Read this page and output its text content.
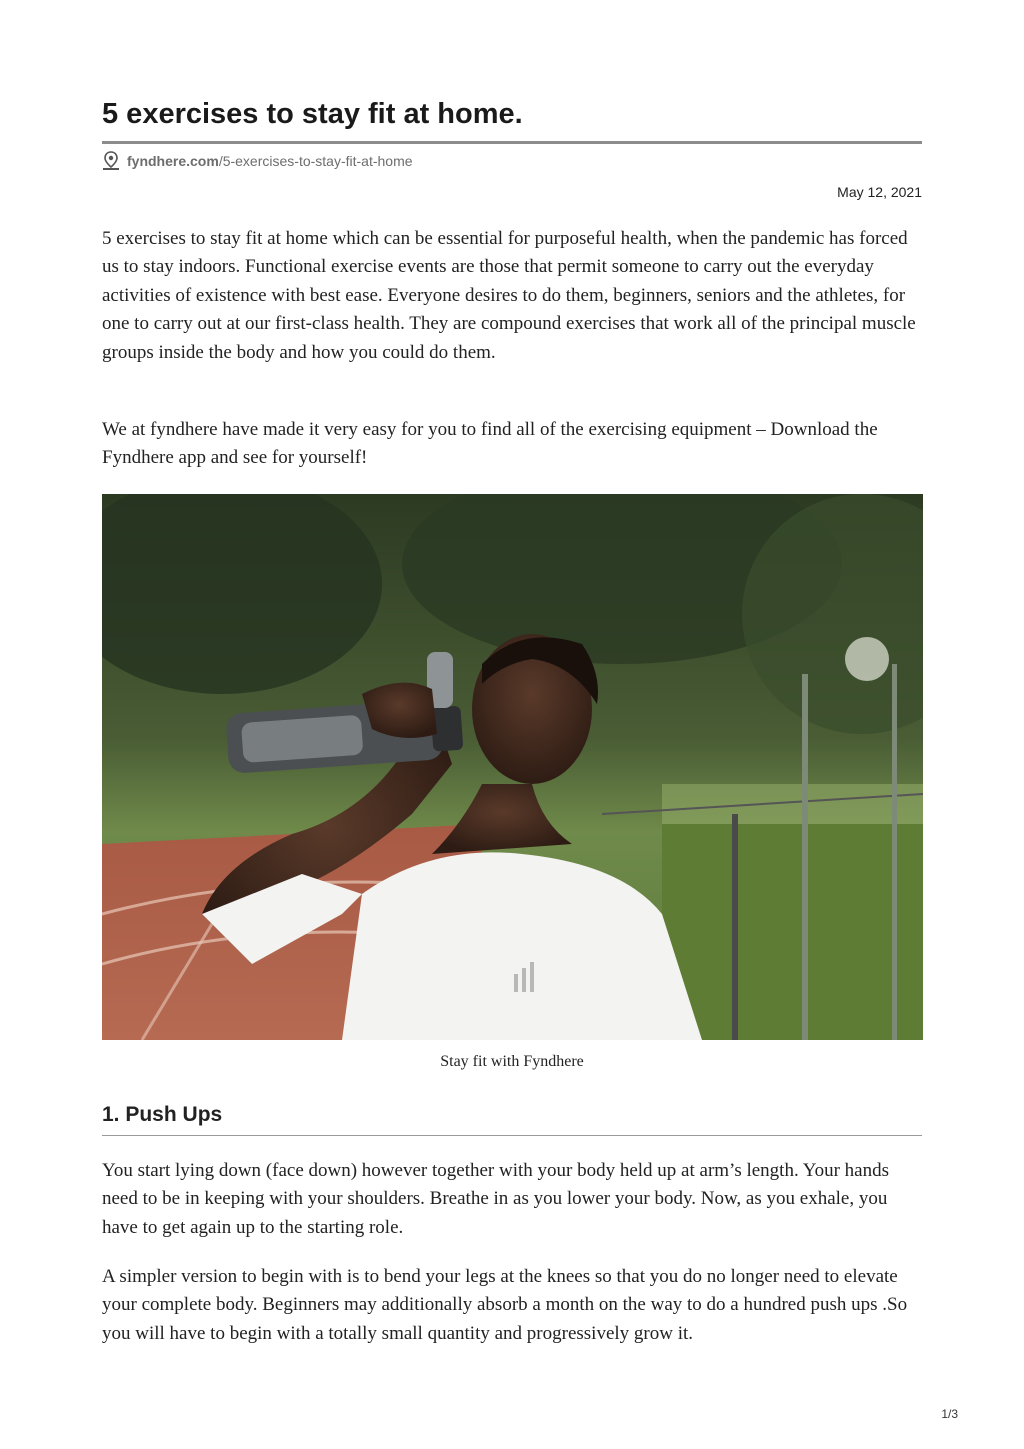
5 exercises to stay fit at home.
fyndhere.com /5-exercises-to-stay-fit-at-home
May 12, 2021

5 exercises to stay fit at home which can be essential for purposeful health, when the pandemic has forced us to stay indoors. Functional exercise events are those that permit someone to carry out the everyday activities of existence with best ease. Everyone desires to do them, beginners, seniors and the athletes, for one to carry out at our first-class health. They are compound exercises that work all of the principal muscle groups inside the body and how you could do them.

We at fyndhere have made it very easy for you to find all of the exercising equipment – Download the Fyndhere app and see for yourself!

Stay fit with Fyndhere
1. Push Ups

You start lying down (face down) however together with your body held up at arm’s length. Your hands need to be in keeping with your shoulders. Breathe in as you lower your body. Now, as you exhale, you have to get again up to the starting role.

A simpler version to begin with is to bend your legs at the knees so that you do no longer need to elevate your complete body. Beginners may additionally absorb a month on the way to do a hundred push ups .So you will have to begin with a totally small quantity and progressively grow it.

1/3
